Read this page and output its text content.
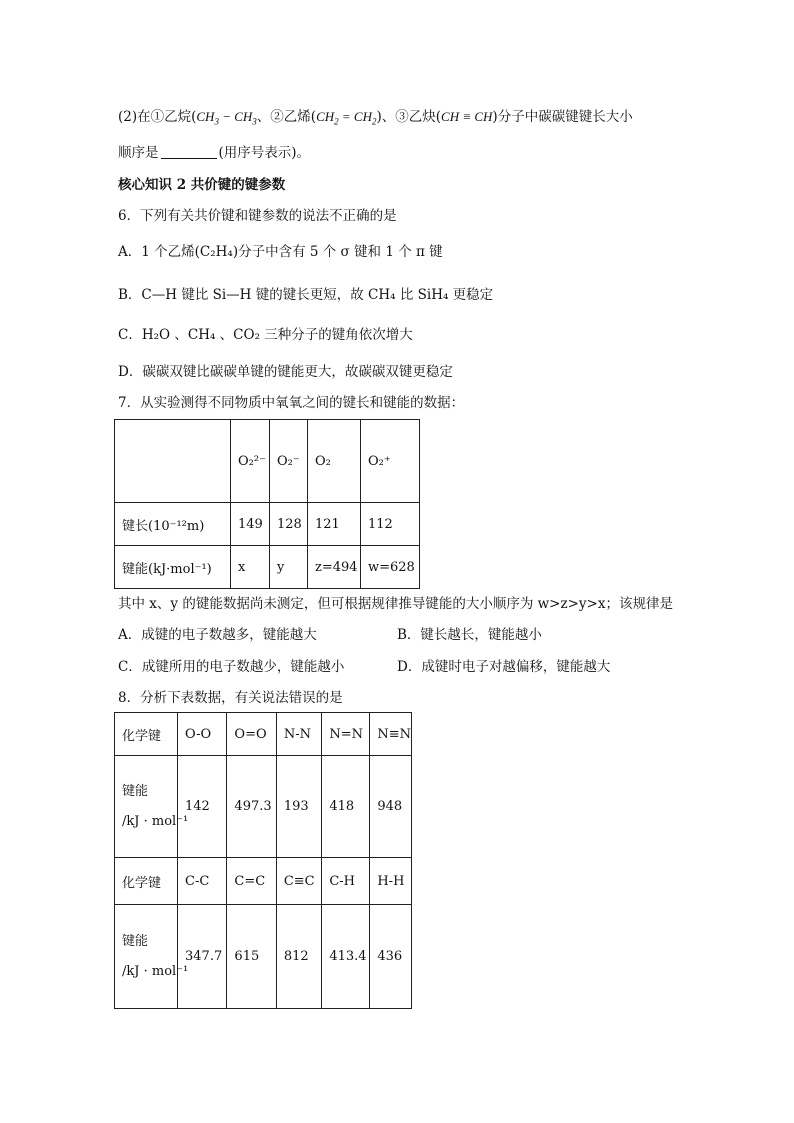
(2)在①乙烷($CH_3 - CH_3$、②乙烯$(CH_2 = CH_2)$、③乙炔(CH ≡ CH)分子中碳碳键键长大小
顺序是	(用序号表示)。
核心知识 2 共价键的键参数
6．下列有关共价键和键参数的说法不正确的是
A．1 个乙烯(C₂H₄)分子中含有 5 个 σ 键和 1 个 π 键
B．C—H 键比 Si—H 键的键长更短，故 CH₄ 比 SiH₄ 更稳定
C．H₂O 、CH₄ 、CO₂ 三种分子的键角依次增大
D．碳碳双键比碳碳单键的键能更大，故碳碳双键更稳定
7．从实验测得不同物质中氧氧之间的键长和键能的数据：
	O₂²⁻	O₂⁻	O₂	O₂⁺
键长(10⁻¹²m)	149	128	121	112
键能(kJ·mol⁻¹)	x	y	z=494	w=628
其中 x、y 的键能数据尚未测定，但可根据规律推导键能的大小顺序为 w>z>y>x；该规律是
A．成键的电子数越多，键能越大	B．键长越长，键能越小
C．成键所用的电子数越少，键能越小	D．成键时电子对越偏移，键能越大
8．分析下表数据，有关说法错误的是
化学键	O-O	O=O	N-N	N=N	N≡N

键能
/kJ · mol⁻¹	142	497.3	193	418	948
化学键	C-C	C=C	C≡C	C-H	H-H

键能
/kJ · mol⁻¹	347.7	615	812	413.4	436
